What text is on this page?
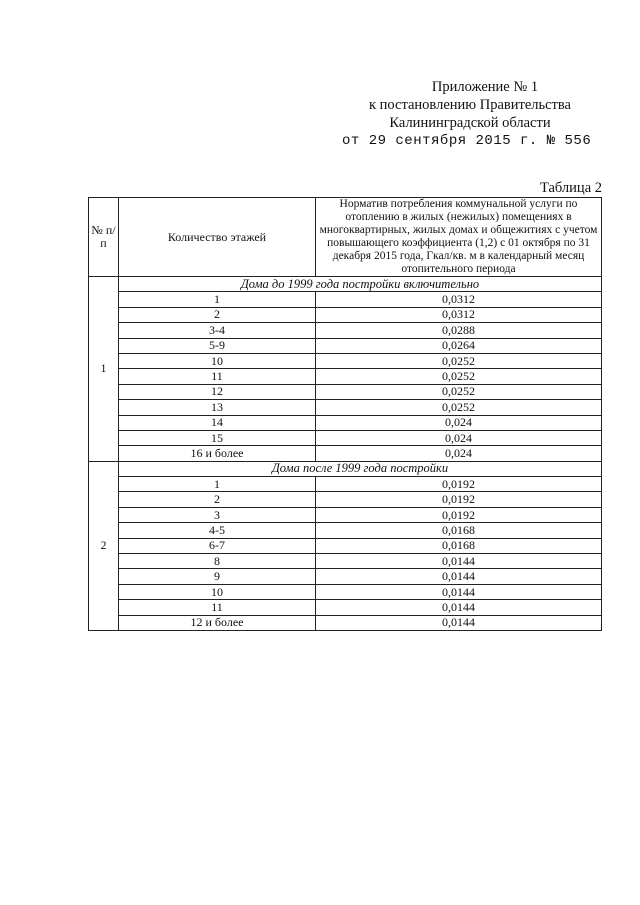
Приложение № 1
к постановлению Правительства
Калининградской области
от 29 сентября 2015 г. № 556
Таблица 2
№ п/п	Количество этажей	Норматив потребления коммунальной услуги по отоплению в жилых (нежилых) помещениях в многоквартирных, жилых домах и общежитиях с учетом повышающего коэффициента (1,2) с 01 октября по 31 декабря 2015 года, Гкал/кв. м в календарный месяц отопительного периода
1	Дома до 1999 года постройки включительно	
	1	0,0312
	2	0,0312
	3-4	0,0288
	5-9	0,0264
	10	0,0252
	11	0,0252
	12	0,0252
	13	0,0252
	14	0,024
	15	0,024
	16 и более	0,024
2	Дома после 1999 года постройки	
	1	0,0192
	2	0,0192
	3	0,0192
	4-5	0,0168
	6-7	0,0168
	8	0,0144
	9	0,0144
	10	0,0144
	11	0,0144
	12 и более	0,0144
